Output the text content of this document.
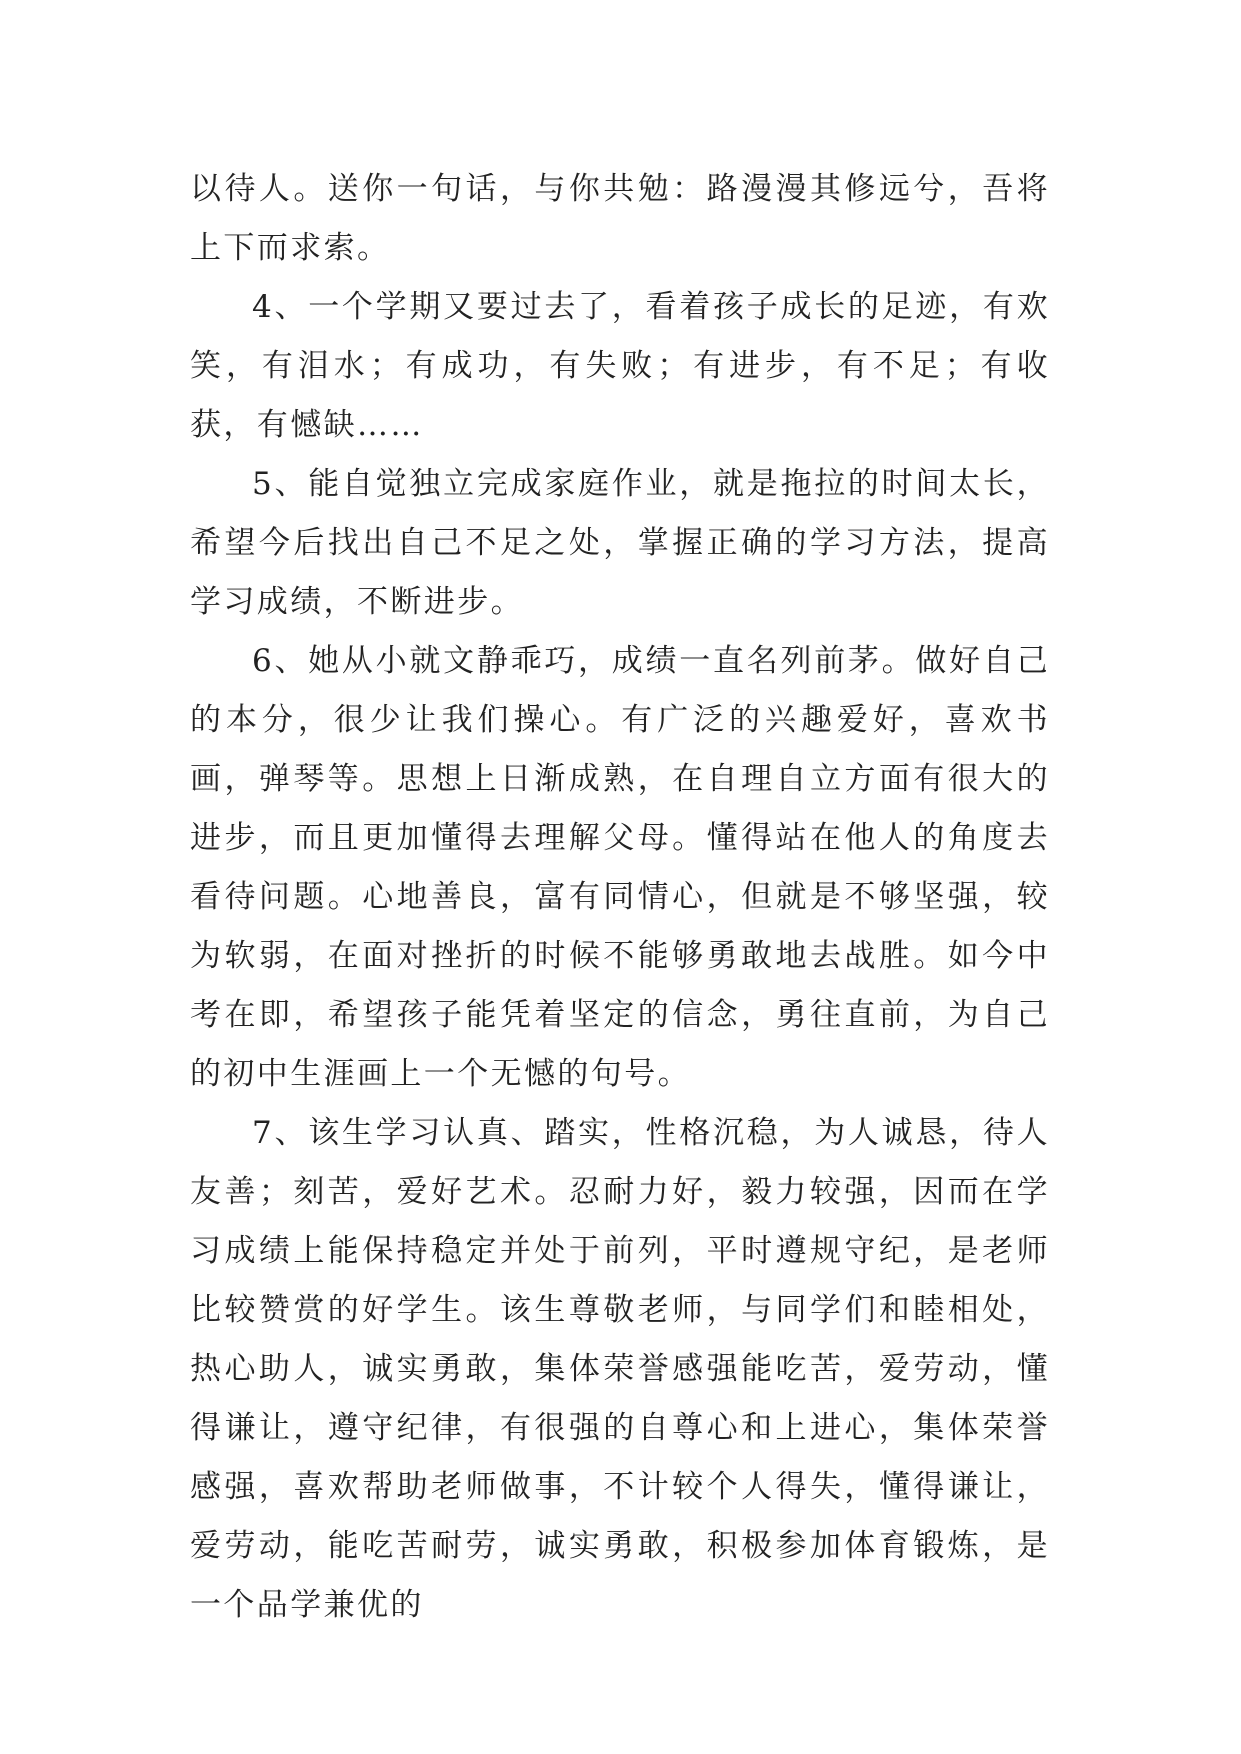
以待人。送你一句话，与你共勉：路漫漫其修远兮，吾将上下而求索。

4、一个学期又要过去了，看着孩子成长的足迹，有欢笑，有泪水；有成功，有失败；有进步，有不足；有收获，有憾缺……

5、能自觉独立完成家庭作业，就是拖拉的时间太长，希望今后找出自己不足之处，掌握正确的学习方法，提高学习成绩，不断进步。

6、她从小就文静乖巧，成绩一直名列前茅。做好自己的本分，很少让我们操心。有广泛的兴趣爱好，喜欢书画，弹琴等。思想上日渐成熟，在自理自立方面有很大的进步，而且更加懂得去理解父母。懂得站在他人的角度去看待问题。心地善良，富有同情心，但就是不够坚强，较为软弱，在面对挫折的时候不能够勇敢地去战胜。如今中考在即，希望孩子能凭着坚定的信念，勇往直前，为自己的初中生涯画上一个无憾的句号。

7、该生学习认真、踏实，性格沉稳，为人诚恳，待人友善；刻苦，爱好艺术。忍耐力好，毅力较强，因而在学习成绩上能保持稳定并处于前列，平时遵规守纪，是老师比较赞赏的好学生。该生尊敬老师，与同学们和睦相处，热心助人，诚实勇敢，集体荣誉感强能吃苦，爱劳动，懂得谦让，遵守纪律，有很强的自尊心和上进心，集体荣誉感强，喜欢帮助老师做事，不计较个人得失，懂得谦让，爱劳动，能吃苦耐劳，诚实勇敢，积极参加体育锻炼，是一个品学兼优的
